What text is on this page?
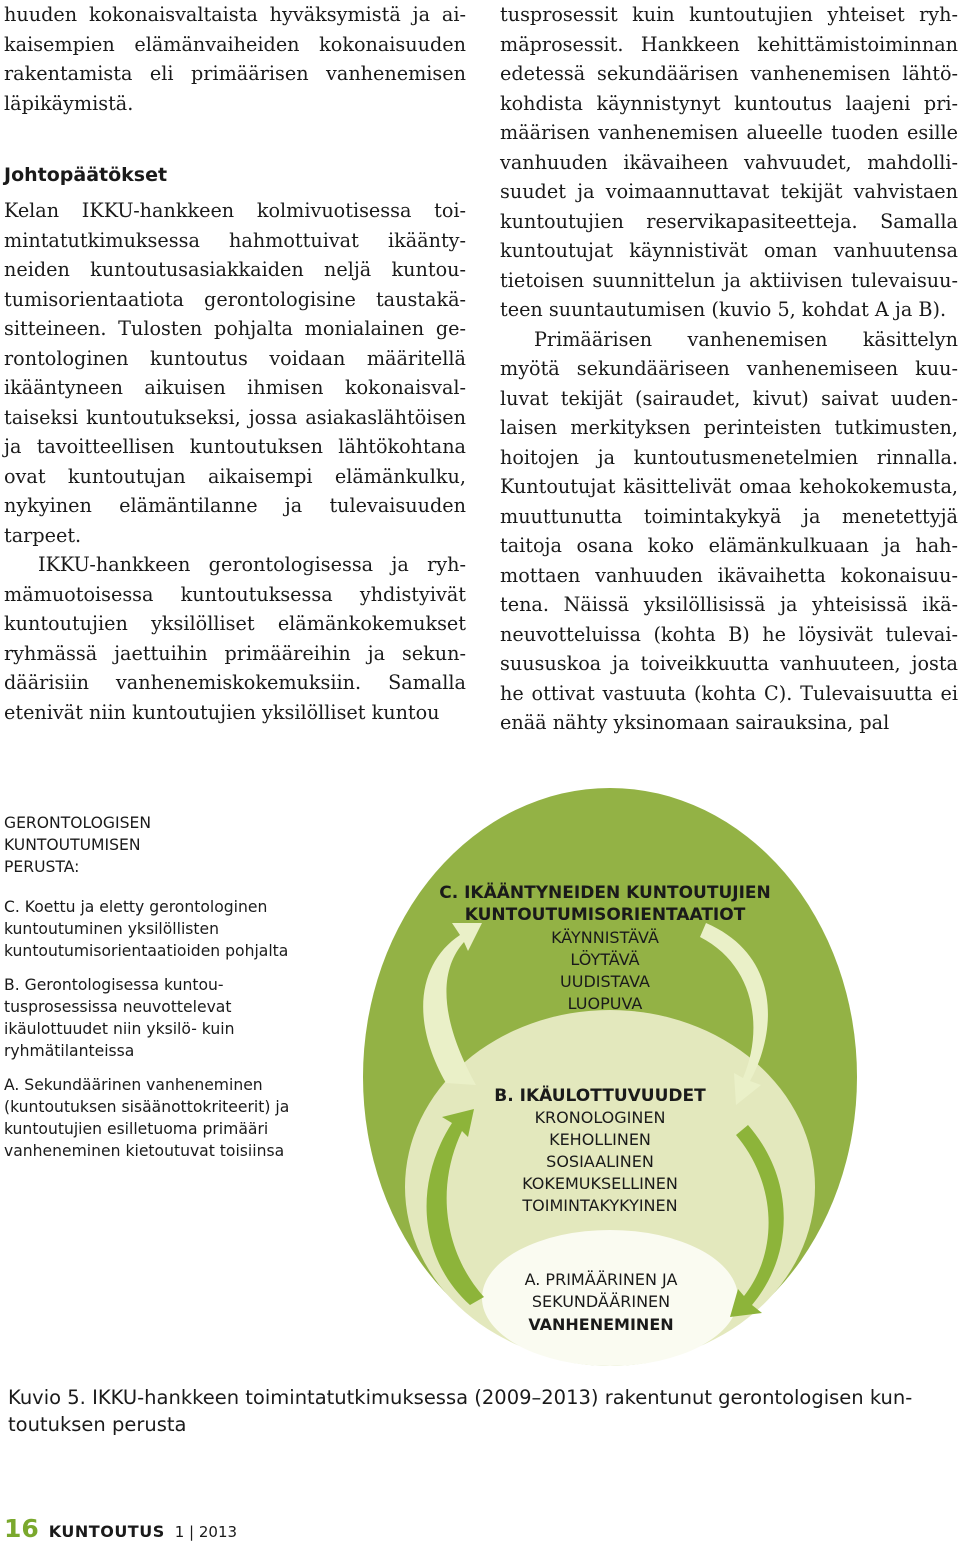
huuden kokonaisvaltaista hyväksymistä ja aikaisempien elämänvaiheiden kokonaisuuden rakentamista eli primäärisen vanhenemisen läpikäymistä.

Johtopäätökset

Kelan IKKU-hankkeen kolmivuotisessa toimintatutkimuksessa hahmottuivat ikääntyneiden kuntoutusasiakkaiden neljä kuntoutumisorientaatiota gerontologisine taustakäsitteineen. Tulosten pohjalta monialainen gerontologinen kuntoutus voidaan määritellä ikääntyneen aikuisen ihmisen kokonaisvaltaiseksi kuntoutukseksi, jossa asiakaslähtöisen ja tavoitteellisen kuntoutuksen lähtökohtana ovat kuntoutujan aikaisempi elämänkulku, nykyinen elämäntilanne ja tulevaisuuden tarpeet.

IKKU-hankkeen gerontologisessa ja ryhmämuotoisessa kuntoutuksessa yhdistyivät kuntoutujien yksilölliset elämänkokemukset ryhmässä jaettuihin primääreihin ja sekundäärisiin vanhenemiskokemuksiin. Samalla etenivät niin kuntoutujien yksilölliset kuntou

tusprosessit kuin kuntoutujien yhteiset ryhmäprosessit. Hankkeen kehittämistoiminnan edetessä sekundäärisen vanhenemisen lähtökohdista käynnistynyt kuntoutus laajeni primäärisen vanhenemisen alueelle tuoden esille vanhuuden ikävaiheen vahvuudet, mahdollisuudet ja voimaannuttavat tekijät vahvistaen kuntoutujien reservikapasiteetteja. Samalla kuntoutujat käynnistivät oman vanhuutensa tietoisen suunnittelun ja aktiivisen tulevaisuuteen suuntautumisen (kuvio 5, kohdat A ja B).

Primäärisen vanhenemisen käsittelyn myötä sekundääriseen vanhenemiseen kuuluvat tekijät (sairaudet, kivut) saivat uudenlaisen merkityksen perinteisten tutkimusten, hoitojen ja kuntoutusmenetelmien rinnalla. Kuntoutujat käsittelivät omaa kehokokemusta, muuttunutta toimintakykyä ja menetettyjä taitoja osana koko elämänkulkuaan ja hahmottaen vanhuuden ikävaihetta kokonaisuutena. Näissä yksilöllisissä ja yhteisissä ikäneuvotteluissa (kohta B) he löysivät tulevaisuususkoa ja toiveikkuutta vanhuuteen, josta he ottivat vastuuta (kohta C). Tulevaisuutta ei enää nähty yksinomaan sairauksina, pal

GERONTOLOGISEN
KUNTOUTUMISEN
PERUSTA:
C. Koettu ja eletty gerontologinen kuntoutuminen yksilöllisten kuntoutumisorientaatioiden pohjalta
B. Gerontologisessa kuntoutusprosessissa neuvottelevat ikäulottuudet niin yksilö- kuin ryhmätilanteissa
A. Sekundäärinen vanheneminen (kuntoutuksen sisäänottokriteerit) ja kuntoutujien esilletuoma primääri vanheneminen kietoutuvat toisiinsa
C. IKÄÄNTYNEIDEN KUNTOUTUJIEN
KUNTOUTUMISORIENTAATIOT
KÄYNNISTÄVÄ
LÖYTÄVÄ
UUDISTAVA
LUOPUVA
B. IKÄULOTTUVUUDET
KRONOLOGINEN
KEHOLLINEN
SOSIAALINEN
KOKEMUKSELLINEN
TOIMINTAKYKYINEN
A. PRIMÄÄRINEN JA
SEKUNDÄÄRINEN
VANHENEMINEN
Kuvio 5. IKKU-hankkeen toimintatutkimuksessa (2009–2013) rakentunut gerontologisen kuntoutuksen perusta
16 KUNTOUTUS 1 | 2013
